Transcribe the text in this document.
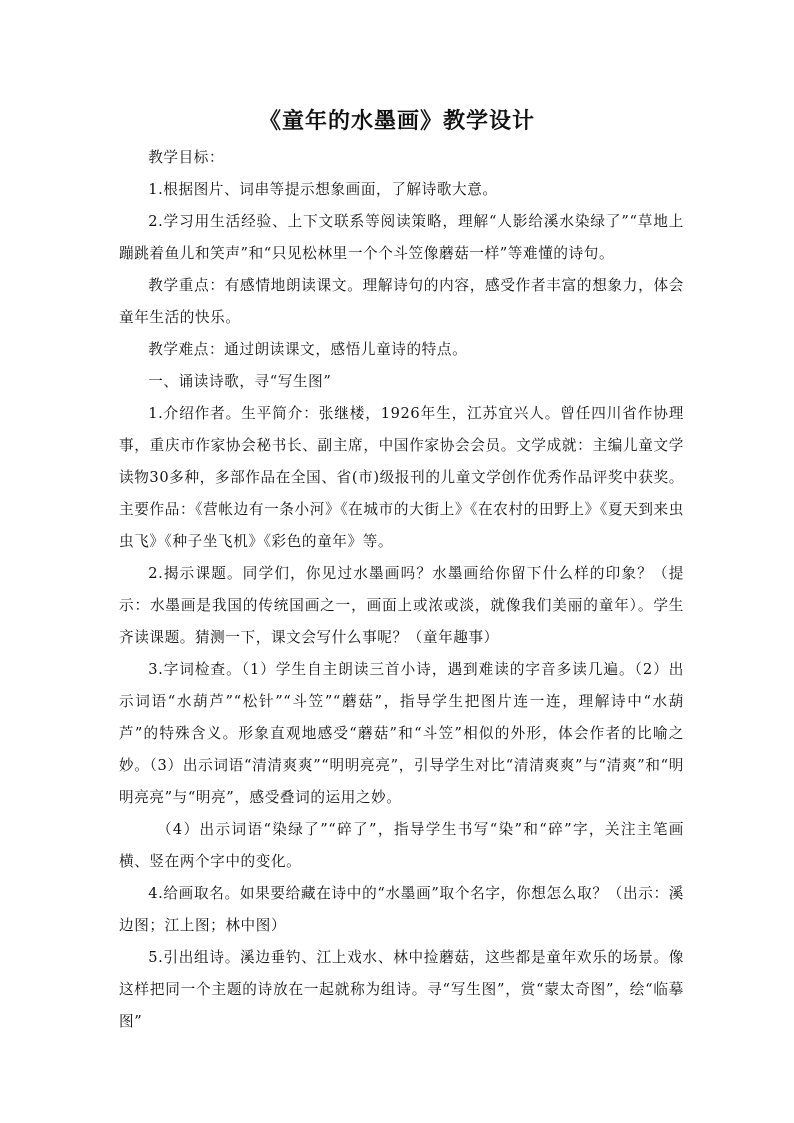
《童年的水墨画》教学设计

教学目标：

1.根据图片、词串等提示想象画面，了解诗歌大意。

2.学习用生活经验、上下文联系等阅读策略，理解“人影给溪水染绿了”“草地上蹦跳着鱼儿和笑声”和“只见松林里一个个斗笠像蘑菇一样”等难懂的诗句。

教学重点：有感情地朗读课文。理解诗句的内容，感受作者丰富的想象力，体会童年生活的快乐。

教学难点：通过朗读课文，感悟儿童诗的特点。

一、诵读诗歌，寻“写生图”

1.介绍作者。生平简介：张继楼，1926年生，江苏宜兴人。曾任四川省作协理事，重庆市作家协会秘书长、副主席，中国作家协会会员。文学成就：主编儿童文学读物30多种，多部作品在全国、省(市)级报刊的儿童文学创作优秀作品评奖中获奖。主要作品：《营帐边有一条小河》《在城市的大街上》《在农村的田野上》《夏天到来虫虫飞》《种子坐飞机》《彩色的童年》等。

2.揭示课题。同学们，你见过水墨画吗？水墨画给你留下什么样的印象？（提示：水墨画是我国的传统国画之一，画面上或浓或淡，就像我们美丽的童年）。学生齐读课题。猜测一下，课文会写什么事呢？（童年趣事）

3.字词检查。（1）学生自主朗读三首小诗，遇到难读的字音多读几遍。（2）出示词语“水葫芦”“松针”“斗笠”“蘑菇”，指导学生把图片连一连，理解诗中“水葫芦”的特殊含义。形象直观地感受“蘑菇”和“斗笠”相似的外形，体会作者的比喻之妙。（3）出示词语“清清爽爽”“明明亮亮”，引导学生对比“清清爽爽”与“清爽”和“明明亮亮”与“明亮”，感受叠词的运用之妙。

（4）出示词语“染绿了”“碎了”，指导学生书写“染”和“碎”字，关注主笔画横、竖在两个字中的变化。

4.给画取名。如果要给藏在诗中的“水墨画”取个名字，你想怎么取？（出示：溪边图；江上图；林中图）

5.引出组诗。溪边垂钓、江上戏水、林中捡蘑菇，这些都是童年欢乐的场景。像这样把同一个主题的诗放在一起就称为组诗。寻“写生图”，赏“蒙太奇图”，绘“临摹图”
